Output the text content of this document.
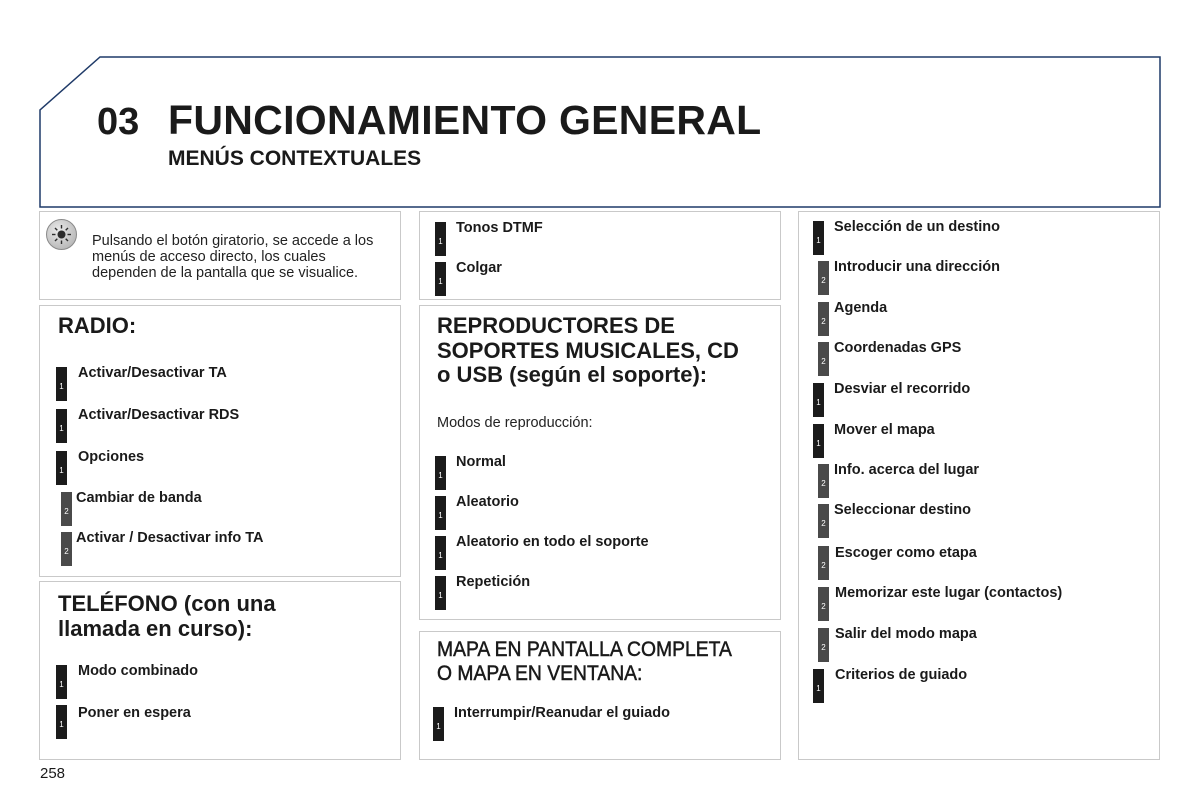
03 FUNCIONAMIENTO GENERAL
MENÚS CONTEXTUALES
Pulsando el botón giratorio, se accede a los menús de acceso directo, los cuales dependen de la pantalla que se visualice.
RADIO:
1
Activar/Desactivar TA
1
Activar/Desactivar RDS
1
Opciones
2
Cambiar de banda
2
Activar / Desactivar info TA
TELÉFONO (con una
llamada en curso):
1
Modo combinado
1
Poner en espera
1
Tonos DTMF
1
Colgar
REPRODUCTORES DE
SOPORTES MUSICALES, CD
o USB (según el soporte):
Modos de reproducción:
1
Normal
1
Aleatorio
1
Aleatorio en todo el soporte
1
Repetición
MAPA EN PANTALLA COMPLETA
O MAPA EN VENTANA:
1
Interrumpir/Reanudar el guiado
1
Selección de un destino
2
Introducir una dirección
2
Agenda
2
Coordenadas GPS
1
Desviar el recorrido
1
Mover el mapa
2
Info. acerca del lugar
2
Seleccionar destino
2
Escoger como etapa
2
Memorizar este lugar (contactos)
2
Salir del modo mapa
1
Criterios de guiado
258
